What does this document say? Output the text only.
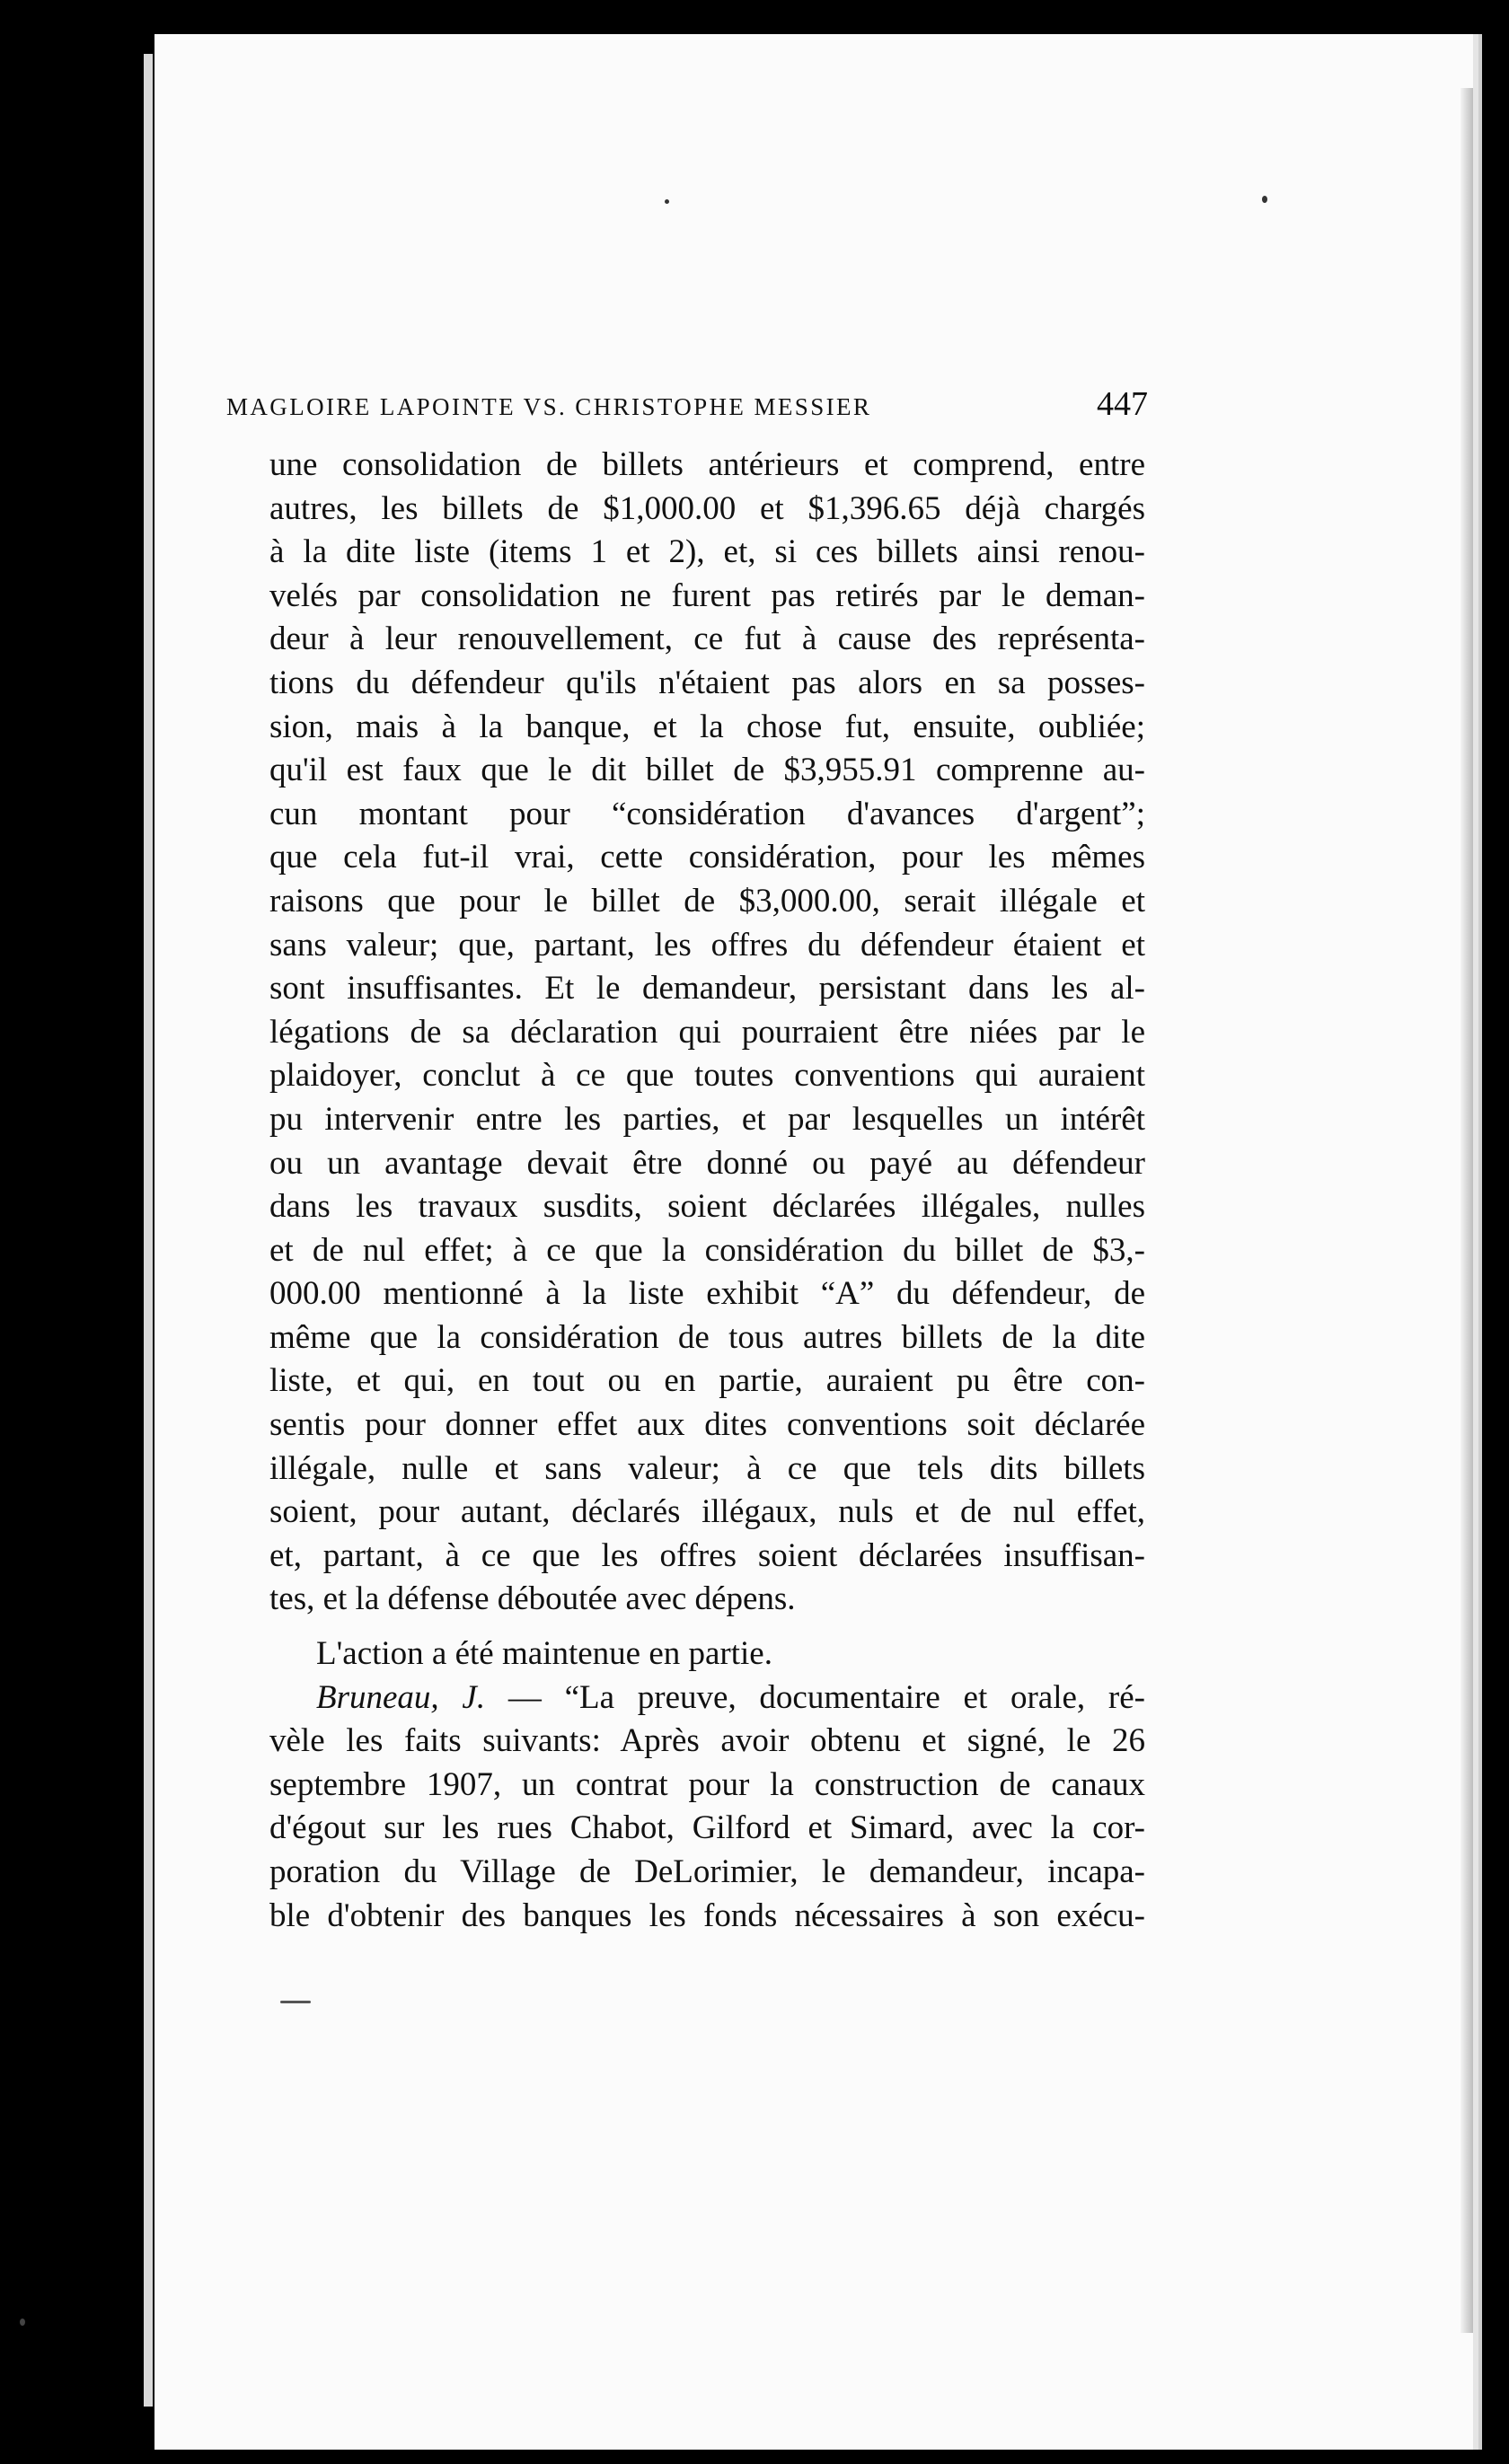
MAGLOIRE LAPOINTE VS. CHRISTOPHE MESSIER	447
une consolidation de billets antérieurs et comprend, entre
autres, les billets de $1,000.00 et $1,396.65 déjà chargés
à la dite liste (items 1 et 2), et, si ces billets ainsi renou-
velés par consolidation ne furent pas retirés par le deman-
deur à leur renouvellement, ce fut à cause des représenta-
tions du défendeur qu'ils n'étaient pas alors en sa posses-
sion, mais à la banque, et la chose fut, ensuite, oubliée;
qu'il est faux que le dit billet de $3,955.91 comprenne au-
cun montant pour “considération d'avances d'argent”;
que cela fut-il vrai, cette considération, pour les mêmes
raisons que pour le billet de $3,000.00, serait illégale et
sans valeur; que, partant, les offres du défendeur étaient et
sont insuffisantes. Et le demandeur, persistant dans les al-
légations de sa déclaration qui pourraient être niées par le
plaidoyer, conclut à ce que toutes conventions qui auraient
pu intervenir entre les parties, et par lesquelles un intérêt
ou un avantage devait être donné ou payé au défendeur
dans les travaux susdits, soient déclarées illégales, nulles
et de nul effet; à ce que la considération du billet de $3,-
000.00 mentionné à la liste exhibit “A” du défendeur, de
même que la considération de tous autres billets de la dite
liste, et qui, en tout ou en partie, auraient pu être con-
sentis pour donner effet aux dites conventions soit déclarée
illégale, nulle et sans valeur; à ce que tels dits billets
soient, pour autant, déclarés illégaux, nuls et de nul effet,
et, partant, à ce que les offres soient déclarées insuffisan-
tes, et la défense déboutée avec dépens.
L'action a été maintenue en partie.
Bruneau, J. — “La preuve, documentaire et orale, ré-
vèle les faits suivants: Après avoir obtenu et signé, le 26
septembre 1907, un contrat pour la construction de canaux
d'égout sur les rues Chabot, Gilford et Simard, avec la cor-
poration du Village de DeLorimier, le demandeur, incapa-
ble d'obtenir des banques les fonds nécessaires à son exécu-
